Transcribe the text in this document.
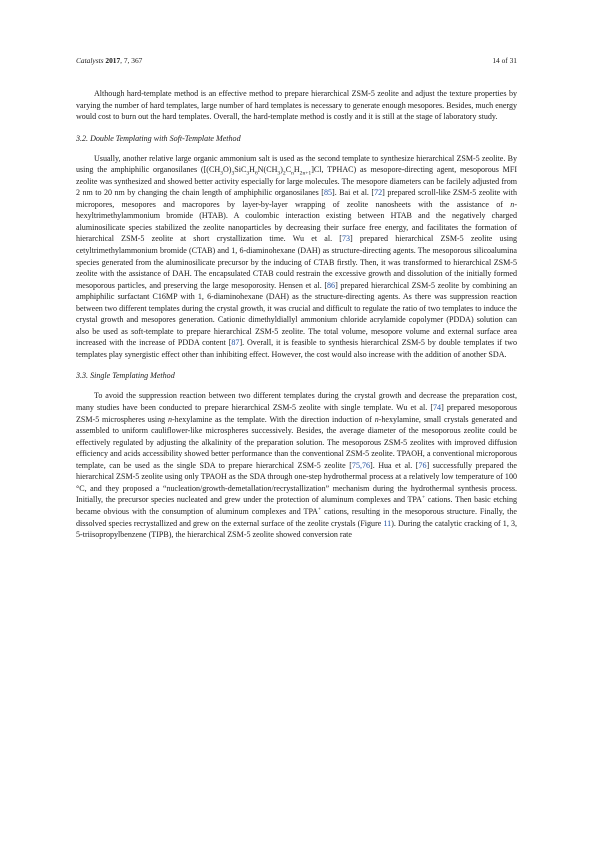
Catalysts 2017, 7, 367	14 of 31

Although hard-template method is an effective method to prepare hierarchical ZSM-5 zeolite and adjust the texture properties by varying the number of hard templates, large number of hard templates is necessary to generate enough mesopores. Besides, much energy would cost to burn out the hard templates. Overall, the hard-template method is costly and it is still at the stage of laboratory study.

3.2. Double Templating with Soft-Template Method

Usually, another relative large organic ammonium salt is used as the second template to synthesize hierarchical ZSM-5 zeolite. By using the amphiphilic organosilanes ($[(CH_3O)_3SiC_3H_6N(CH_3)_2C_nH_{2n+1}]Cl$, TPHAC) as mesopore-directing agent, mesoporous MFI zeolite was synthesized and showed better activity especially for large molecules. The mesopore diameters can be facilely adjusted from 2 nm to 20 nm by changing the chain length of amphiphilic organosilanes [85]. Bai et al. [72] prepared scroll-like ZSM-5 zeolite with micropores, mesopores and macropores by layer-by-layer wrapping of zeolite nanosheets with the assistance of n-hexyltrimethylammonium bromide (HTAB). A coulombic interaction existing between HTAB and the negatively charged aluminosilicate species stabilized the zeolite nanoparticles by decreasing their surface free energy, and facilitates the formation of hierarchical ZSM-5 zeolite at short crystallization time. Wu et al. [73] prepared hierarchical ZSM-5 zeolite using cetyltrimethylammonium bromide (CTAB) and 1, 6-diaminohexane (DAH) as structure-directing agents. The mesoporous silicoalumina species generated from the aluminosilicate precursor by the inducing of CTAB firstly. Then, it was transformed to hierarchical ZSM-5 zeolite with the assistance of DAH. The encapsulated CTAB could restrain the excessive growth and dissolution of the initially formed mesoporous particles, and preserving the large mesoporosity. Hensen et al. [86] prepared hierarchical ZSM-5 zeolite by combining an amphiphilic surfactant C16MP with 1, 6-diaminohexane (DAH) as the structure-directing agents. As there was suppression reaction between two different templates during the crystal growth, it was crucial and difficult to regulate the ratio of two templates to induce the crystal growth and mesopores generation. Cationic dimethyldiallyl ammonium chloride acrylamide copolymer (PDDA) solution can also be used as soft-template to prepare hierarchical ZSM-5 zeolite. The total volume, mesopore volume and external surface area increased with the increase of PDDA content [87]. Overall, it is feasible to synthesis hierarchical ZSM-5 by double templates if two templates play synergistic effect other than inhibiting effect. However, the cost would also increase with the addition of another SDA.

3.3. Single Templating Method

To avoid the suppression reaction between two different templates during the crystal growth and decrease the preparation cost, many studies have been conducted to prepare hierarchical ZSM-5 zeolite with single template. Wu et al. [74] prepared mesoporous ZSM-5 microspheres using n-hexylamine as the template. With the direction induction of n-hexylamine, small crystals generated and assembled to uniform cauliflower-like microspheres successively. Besides, the average diameter of the mesoporous zeolite could be effectively regulated by adjusting the alkalinity of the preparation solution. The mesoporous ZSM-5 zeolites with improved diffusion efficiency and acids accessibility showed better performance than the conventional ZSM-5 zeolite. TPAOH, a conventional microporous template, can be used as the single SDA to prepare hierarchical ZSM-5 zeolite [75,76]. Hua et al. [76] successfully prepared the hierarchical ZSM-5 zeolite using only TPAOH as the SDA through one-step hydrothermal process at a relatively low temperature of 100 °C, and they proposed a “nucleation/growth-demetallation/recrystallization” mechanism during the hydrothermal synthesis process. Initially, the precursor species nucleated and grew under the protection of aluminum complexes and TPA+ cations. Then basic etching became obvious with the consumption of aluminum complexes and TPA+ cations, resulting in the mesoporous structure. Finally, the dissolved species recrystallized and grew on the external surface of the zeolite crystals (Figure 11). During the catalytic cracking of 1, 3, 5-triisopropylbenzene (TIPB), the hierarchical ZSM-5 zeolite showed conversion rate
